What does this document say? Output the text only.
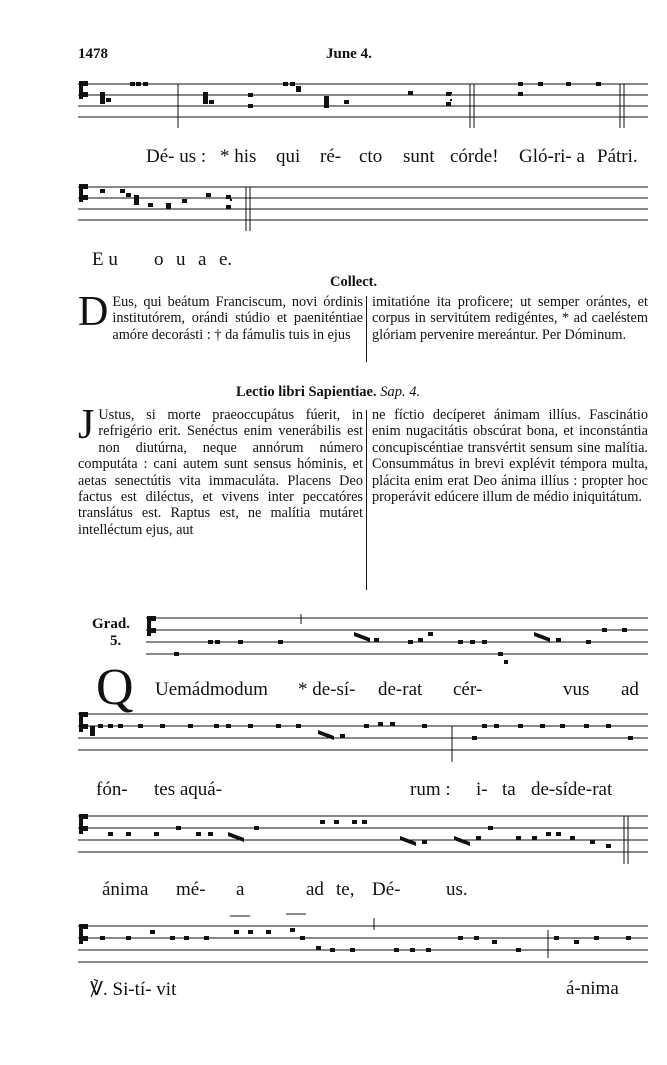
1478	June 4.
Dé- us : * his qui ré- cto sunt córde! Gló-ri- a Pátri.
E u o u a e.
Collect.
D Eus, qui beátum Franciscum, novi órdinis institutórem, orándi stúdio et paeniténtiae amóre decorásti : † da fámulis tuis in ejus

imitatióne ita proficere; ut semper orántes, et corpus in servitútem redigéntes, * ad caeléstem glóriam pervenire mereántur. Per Dóminum.

Lectio libri Sapientiae. Sap. 4.
J Ustus, si morte praeoccupátus fúerit, in refrigério erit. Senéctus enim venerábilis est non diutúrna, neque annórum número computáta : cani autem sunt sensus hóminis, et aetas senectútis vita immaculáta. Placens Deo factus est diléctus, et vivens inter peccatóres translátus est. Raptus est, ne malítia mutáret intelléctum ejus, aut

ne fíctio decíperet ánimam illíus. Fascinátio enim nugacitátis obscúrat bona, et inconstántia concupiscéntiae transvértit sensum sine malítia. Consummátus in brevi explévit témpora multa, plácita enim erat Deo ánima illíus : propter hoc properávit edúcere illum de médio iniquitátum.

Grad.
5.
Q Uemádmodum * de-sí- de-rat cér-	vus ad
fón- tes aquá-	rum : i- ta de-síde-rat
ánima mé- a	ad te, Dé- us.
℣. Si-tí- vit	á-nima
